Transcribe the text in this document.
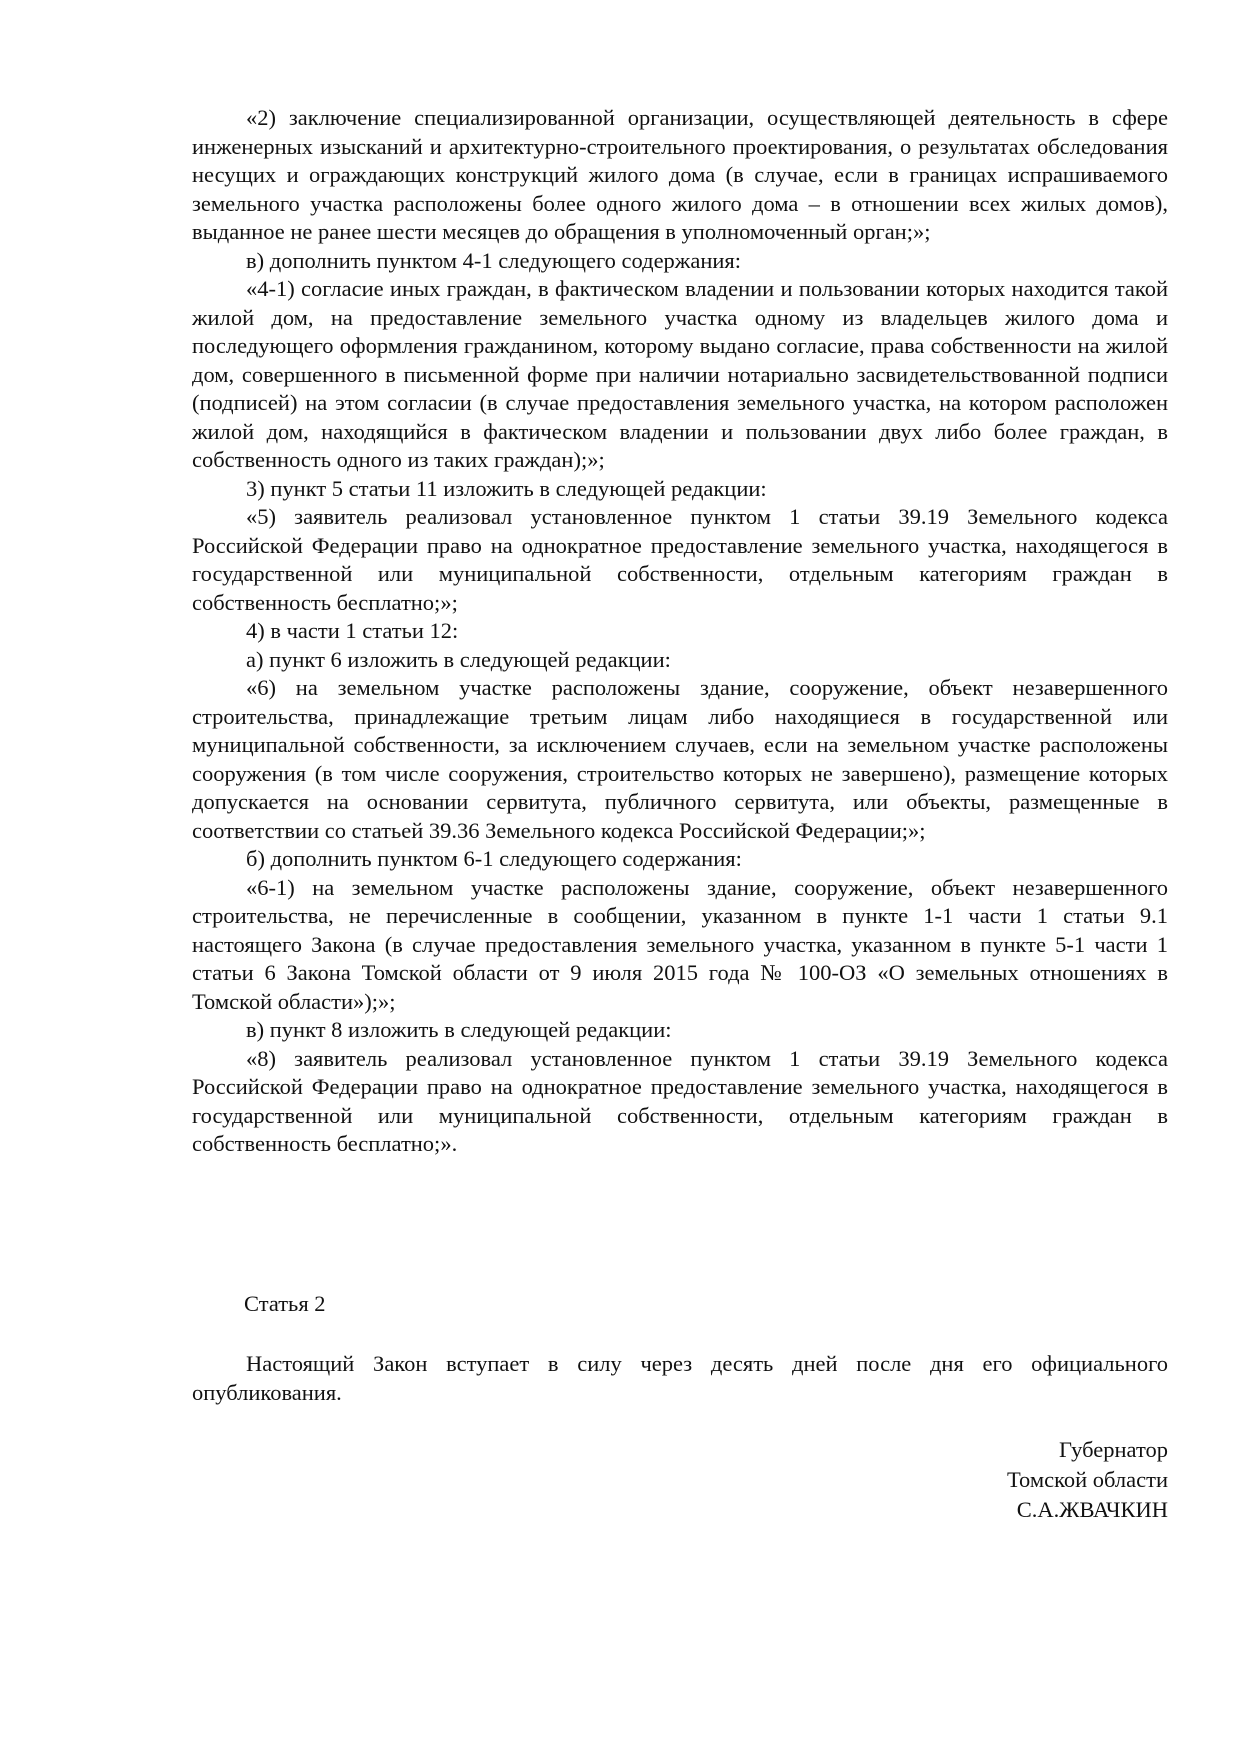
«2) заключение специализированной организации, осуществляющей деятельность в сфере инженерных изысканий и архитектурно-строительного проектирования, о результатах обследования несущих и ограждающих конструкций жилого дома (в случае, если в границах испрашиваемого земельного участка расположены более одного жилого дома – в отношении всех жилых домов), выданное не ранее шести месяцев до обращения в уполномоченный орган;»;

в) дополнить пунктом 4-1 следующего содержания:

«4-1) согласие иных граждан, в фактическом владении и пользовании которых находится такой жилой дом, на предоставление земельного участка одному из владельцев жилого дома и последующего оформления гражданином, которому выдано согласие, права собственности на жилой дом, совершенного в письменной форме при наличии нотариально засвидетельствованной подписи (подписей) на этом согласии (в случае предоставления земельного участка, на котором расположен жилой дом, находящийся в фактическом владении и пользовании двух либо более граждан, в собственность одного из таких граждан);»;

3) пункт 5 статьи 11 изложить в следующей редакции:

«5) заявитель реализовал установленное пунктом 1 статьи 39.19 Земельного кодекса Российской Федерации право на однократное предоставление земельного участка, находящегося в государственной или муниципальной собственности, отдельным категориям граждан в собственность бесплатно;»;

4) в части 1 статьи 12:

а) пункт 6 изложить в следующей редакции:

«6) на земельном участке расположены здание, сооружение, объект незавершенного строительства, принадлежащие третьим лицам либо находящиеся в государственной или муниципальной собственности, за исключением случаев, если на земельном участке расположены сооружения (в том числе сооружения, строительство которых не завершено), размещение которых допускается на основании сервитута, публичного сервитута, или объекты, размещенные в соответствии со статьей 39.36 Земельного кодекса Российской Федерации;»;

б) дополнить пунктом 6-1 следующего содержания:

«6-1) на земельном участке расположены здание, сооружение, объект незавершенного строительства, не перечисленные в сообщении, указанном в пункте 1-1 части 1 статьи 9.1 настоящего Закона (в случае предоставления земельного участка, указанном в пункте 5-1 части 1 статьи 6 Закона Томской области от 9 июля 2015 года № 100-ОЗ «О земельных отношениях в Томской области»);»;

в) пункт 8 изложить в следующей редакции:

«8) заявитель реализовал установленное пунктом 1 статьи 39.19 Земельного кодекса Российской Федерации право на однократное предоставление земельного участка, находящегося в государственной или муниципальной собственности, отдельным категориям граждан в собственность бесплатно;».

Статья 2

Настоящий Закон вступает в силу через десять дней после дня его официального опубликования.

Губернатор
Томской области
С.А.ЖВАЧКИН
